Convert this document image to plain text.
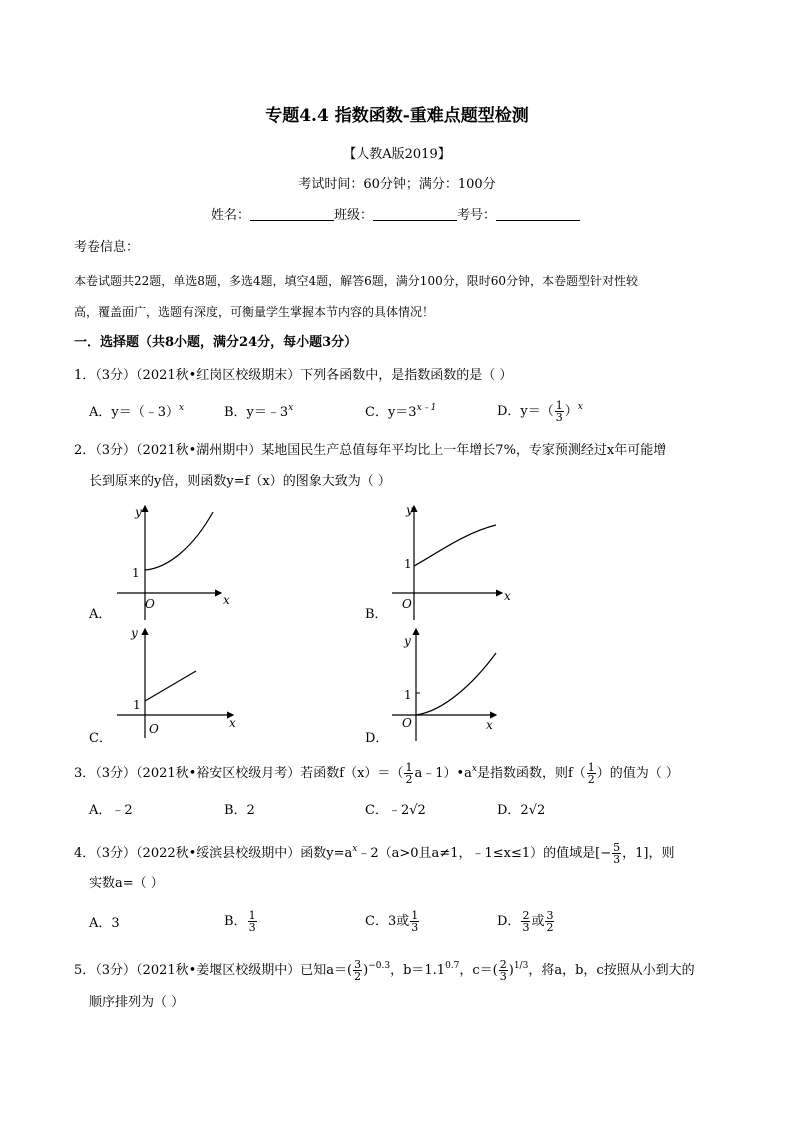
专题4.4 指数函数-重难点题型检测
【人教A版2019】
考试时间：60分钟；满分：100分
姓名：	班级：	考号：
考卷信息：
本卷试题共22题，单选8题，多选4题，填空4题，解答6题，满分100分，限时60分钟，本卷题型针对性较
高，覆盖面广，选题有深度，可衡量学生掌握本节内容的具体情况！
一．选择题（共8小题，满分24分，每小题3分）
1．（3分）（2021秋•红岗区校级期末）下列各函数中，是指数函数的是（ ）
A．y＝（﹣3）$^x$	B．$y=﹣3^x$	C．$y=3^{x﹣1}$	D．$y=( \frac{1}{3} )^x$
2．（3分）（2021秋•湖州期中）某地国民生产总值每年平均比上一年增长7%，专家预测经过x年可能增
长到原来的y倍，则函数y=f（x）的图象大致为（ ）
y
x
O
1
A．
y
x
O
1
B．
y
x
O
1
C．
y
x
O
1
D．
3．（3分）（2021秋•裕安区校级月考）若函数$f(x)=( \frac{1}{2}$ $a﹣1)•a^x$是指数函数，则$f( \frac{1}{2}$ ）的值为（ ）
A．﹣2	B．2	C．﹣2√2	D．2√2
4．（3分）（2022秋•绥滨县校级期中）函数$y=a^x﹣2(a>0$且a≠1，﹣1≤x≤1）的值域是[− $\frac{5}{3}$ ，1]，则
实数a=（ ）
A．3	B． $\frac{1}{3}$	C．3或 $\frac{1}{3}$	D． $\frac{2}{3}$ 或 $\frac{3}{2}$
5．（3分）（2021秋•姜堰区校级期中）已知$a=( \frac{3}{2} )^{-0.3}$，$b=1.1^{0.7}$，$c=( \frac{2}{3} )^{1/3}$，将a，b，c按照从小到大的
顺序排列为（ ）
